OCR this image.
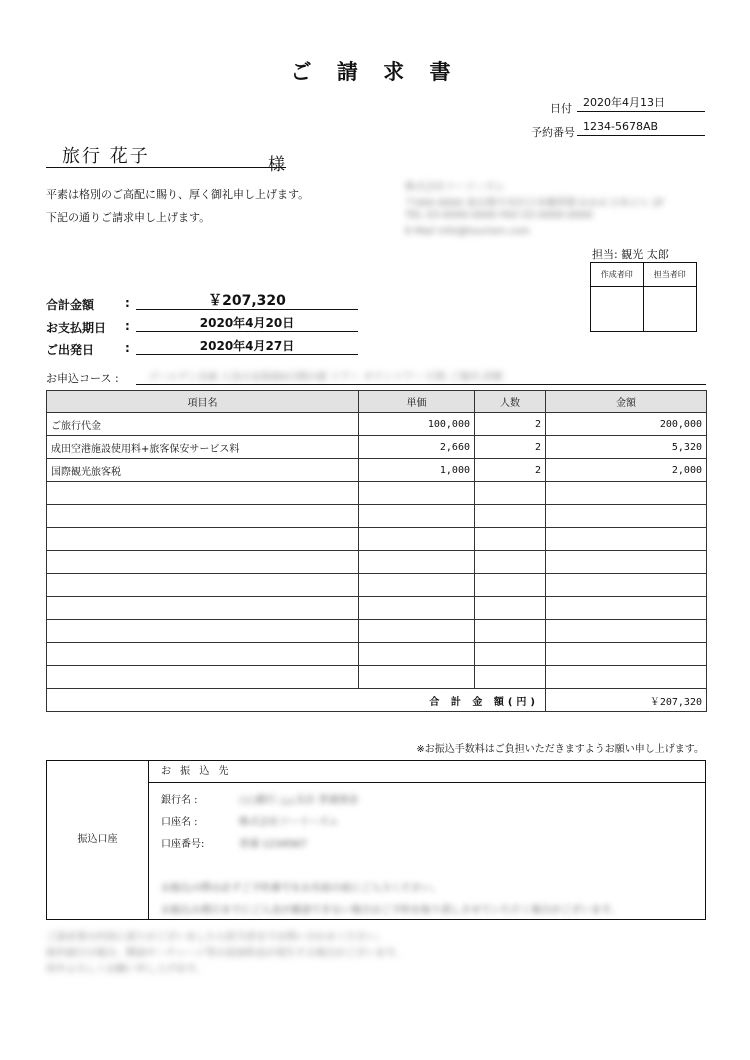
ご 請 求 書
日付	2020年4月13日
予約番号 1234-5678AB
旅行 花子	様
平素は格別のご高配に賜り、厚く御礼申し上げます。
下記の通りご請求申し上げます。
株式会社ツーリーズム
〒000-0000 東京都中央区日本橋界隈 0-0-0 日本ビル 2F
TEL 03-0000-0000 FAX 03-0000-0000
E-Mail info@tourism.com
担当: 観光 太郎
作成者印	担当者印
合計金額	:	￥207,320
お支払期日 :	2020年4月20日
ご出発日	:	2020年4月27日
お申込コース :	ゴールデン企画 人気の北海道4日間の旅 ツアー タウンツアー 行程 ご案内 詳細
項目名	単価	人数	金額
ご旅行代金	100,000	2	200,000
成田空港施設使用料+旅客保安サービス料	2,660	2	5,320
国際観光旅客税	1,000	2	2,000

合 計 金 額(円)			￥207,320
※お振込手数料はご負担いただきますようお願い申し上げます。
振込口座
お 振 込 先
銀行名 :	○○銀行 △△支店 普通預金
口座名 :	株式会社ツーリーズム
口座番号:	普通 1234567
お振込の際は必ずご予約番号をお名前の前にご入力ください。
お振込み期日までにご入金が確認できない場合はご予約を取り消しさせていただく場合がございます。
ご請求書の内容に誤りがございましたら担当者までお問い合わせください。
海外旅行の場合、燃油サーチャージ等の追加料金が発生する場合がございます。
何卒よろしくお願い申し上げます。
